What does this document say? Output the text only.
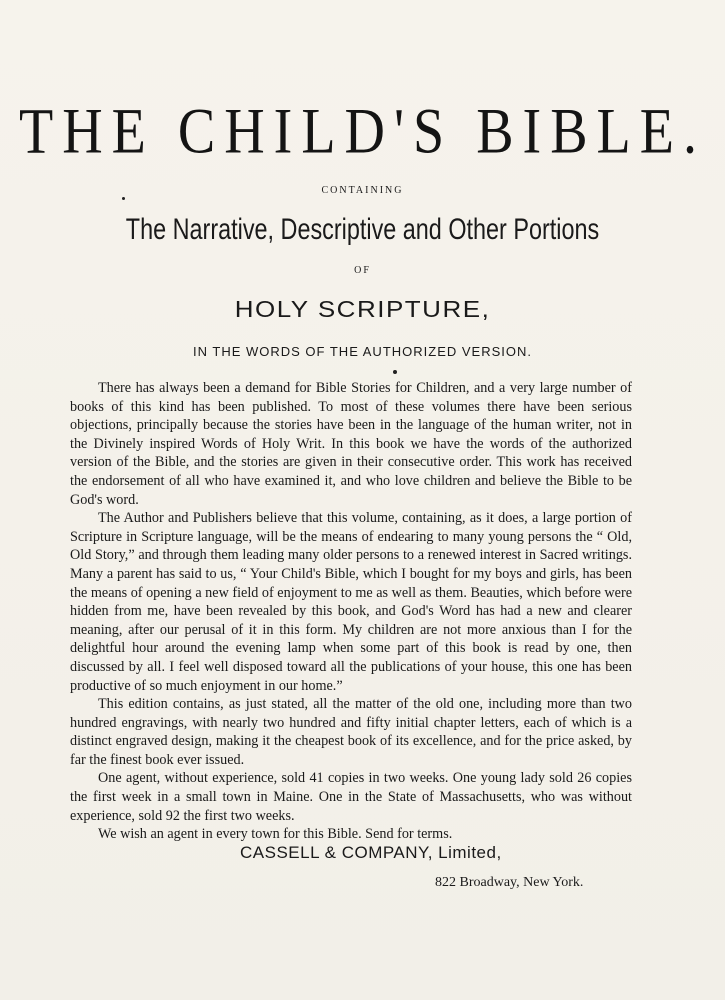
THE CHILD'S BIBLE.
CONTAINING
The Narrative, Descriptive and Other Portions
OF
HOLY SCRIPTURE,
IN THE WORDS OF THE AUTHORIZED VERSION.

There has always been a demand for Bible Stories for Children, and a very large number of books of this kind has been published. To most of these volumes there have been serious objections, principally because the stories have been in the language of the human writer, not in the Divinely inspired Words of Holy Writ. In this book we have the words of the authorized version of the Bible, and the stories are given in their consecutive order. This work has received the endorsement of all who have examined it, and who love children and believe the Bible to be God's word.

The Author and Publishers believe that this volume, containing, as it does, a large portion of Scripture in Scripture language, will be the means of endearing to many young persons the “ Old, Old Story,” and through them leading many older persons to a renewed interest in Sacred writings. Many a parent has said to us, “ Your Child's Bible, which I bought for my boys and girls, has been the means of opening a new field of enjoyment to me as well as them. Beauties, which before were hidden from me, have been revealed by this book, and God's Word has had a new and clearer meaning, after our perusal of it in this form. My children are not more anxious than I for the delightful hour around the evening lamp when some part of this book is read by one, then discussed by all. I feel well disposed toward all the publications of your house, this one has been productive of so much enjoyment in our home.”

This edition contains, as just stated, all the matter of the old one, including more than two hundred engravings, with nearly two hundred and fifty initial chapter letters, each of which is a distinct engraved design, making it the cheapest book of its excellence, and for the price asked, by far the finest book ever issued.

One agent, without experience, sold 41 copies in two weeks. One young lady sold 26 copies the first week in a small town in Maine. One in the State of Massachusetts, who was without experience, sold 92 the first two weeks.

We wish an agent in every town for this Bible. Send for terms.

CASSELL & COMPANY, Limited,
822 Broadway, New York.
